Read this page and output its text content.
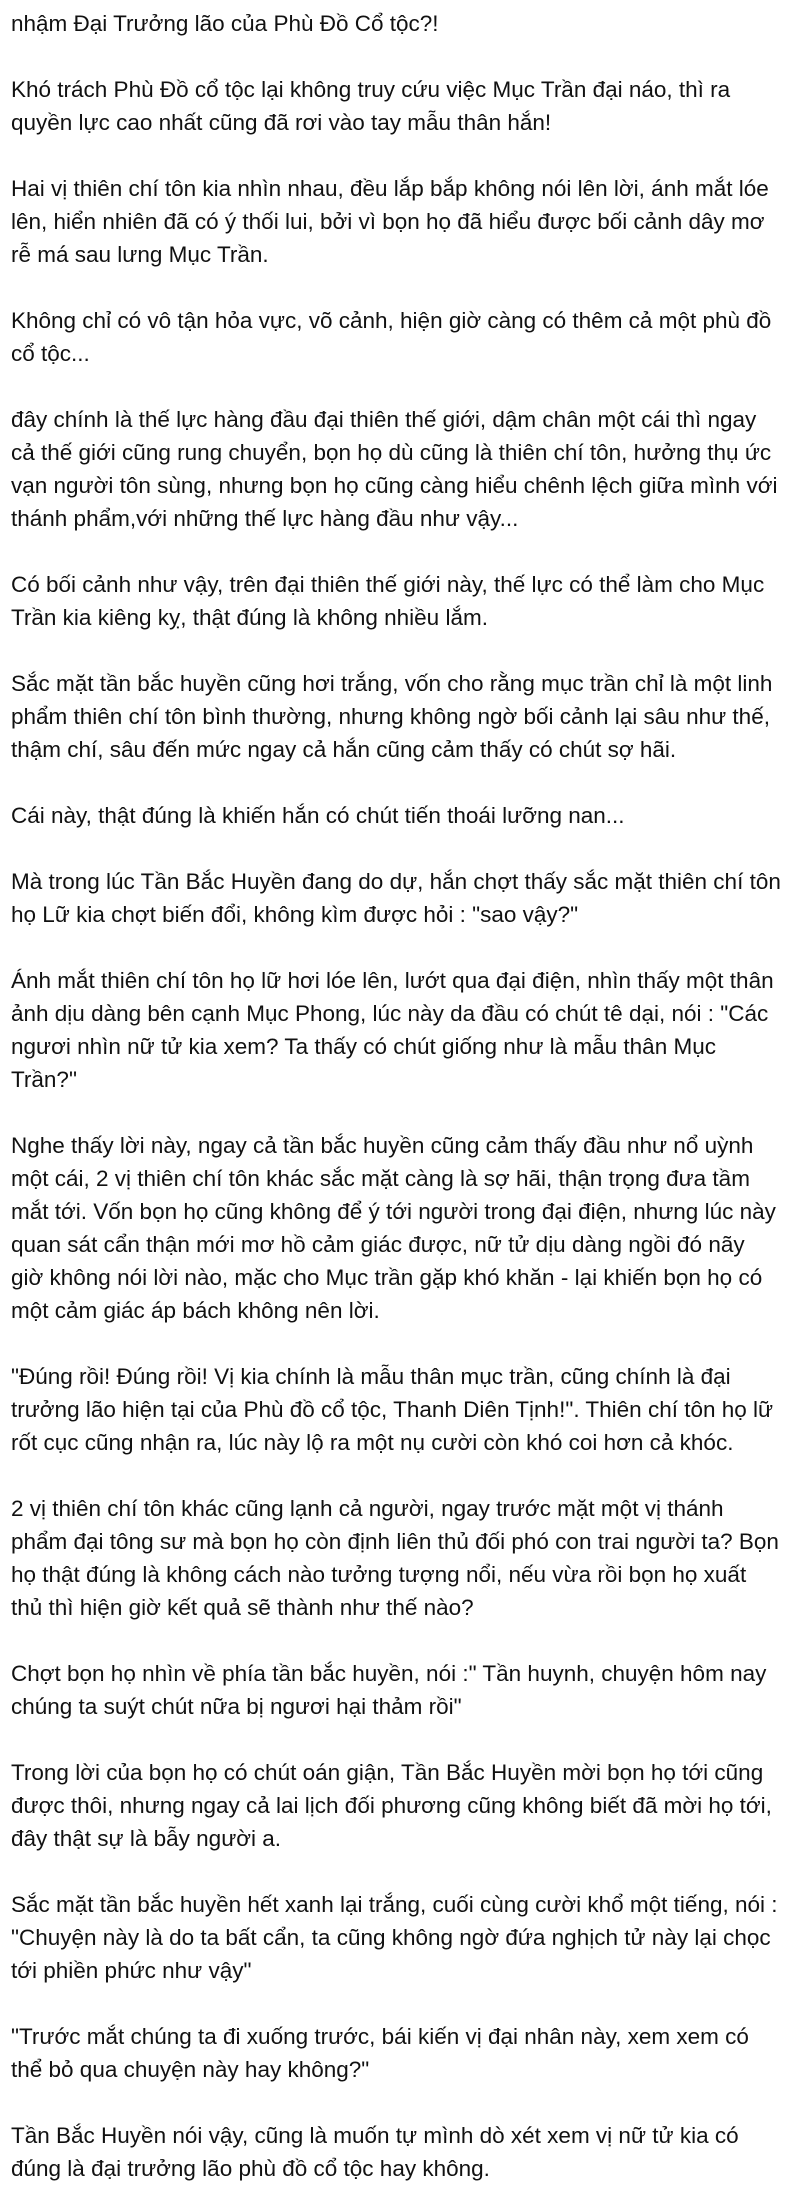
nhậm Đại Trưởng lão của Phù Đồ Cổ tộc?!

Khó trách Phù Đồ cổ tộc lại không truy cứu việc Mục Trần đại náo, thì ra quyền lực cao nhất cũng đã rơi vào tay mẫu thân hắn!

Hai vị thiên chí tôn kia nhìn nhau, đều lắp bắp không nói lên lời, ánh mắt lóe lên, hiển nhiên đã có ý thối lui, bởi vì bọn họ đã hiểu được bối cảnh dây mơ rễ má sau lưng Mục Trần.

Không chỉ có vô tận hỏa vực, võ cảnh, hiện giờ càng có thêm cả một phù đồ cổ tộc...

đây chính là thế lực hàng đầu đại thiên thế giới, dậm chân một cái thì ngay cả thế giới cũng rung chuyển, bọn họ dù cũng là thiên chí tôn, hưởng thụ ức vạn người tôn sùng, nhưng bọn họ cũng càng hiểu chênh lệch giữa mình với thánh phẩm,với những thế lực hàng đầu như vậy...

Có bối cảnh như vậy, trên đại thiên thế giới này, thế lực có thể làm cho Mục Trần kia kiêng kỵ, thật đúng là không nhiều lắm.

Sắc mặt tần bắc huyền cũng hơi trắng, vốn cho rằng mục trần chỉ là một linh phẩm thiên chí tôn bình thường, nhưng không ngờ bối cảnh lại sâu như thế, thậm chí, sâu đến mức ngay cả hắn cũng cảm thấy có chút sợ hãi.

Cái này, thật đúng là khiến hắn có chút tiến thoái lưỡng nan...

Mà trong lúc Tần Bắc Huyền đang do dự, hắn chợt thấy sắc mặt thiên chí tôn họ Lữ kia chợt biến đổi, không kìm được hỏi : "sao vậy?"

Ánh mắt thiên chí tôn họ lữ hơi lóe lên, lướt qua đại điện, nhìn thấy một thân ảnh dịu dàng bên cạnh Mục Phong, lúc này da đầu có chút tê dại, nói : "Các ngươi nhìn nữ tử kia xem? Ta thấy có chút giống như là mẫu thân Mục Trần?"

Nghe thấy lời này, ngay cả tần bắc huyền cũng cảm thấy đầu như nổ uỳnh một cái, 2 vị thiên chí tôn khác sắc mặt càng là sợ hãi, thận trọng đưa tầm mắt tới. Vốn bọn họ cũng không để ý tới người trong đại điện, nhưng lúc này quan sát cẩn thận mới mơ hồ cảm giác được, nữ tử dịu dàng ngồi đó nãy giờ không nói lời nào, mặc cho Mục trần gặp khó khăn - lại khiến bọn họ có một cảm giác áp bách không nên lời.

"Đúng rồi! Đúng rồi! Vị kia chính là mẫu thân mục trần, cũng chính là đại trưởng lão hiện tại của Phù đồ cổ tộc, Thanh Diên Tịnh!". Thiên chí tôn họ lữ rốt cục cũng nhận ra, lúc này lộ ra một nụ cười còn khó coi hơn cả khóc.

2 vị thiên chí tôn khác cũng lạnh cả người, ngay trước mặt một vị thánh phẩm đại tông sư mà bọn họ còn định liên thủ đối phó con trai người ta? Bọn họ thật đúng là không cách nào tưởng tượng nổi, nếu vừa rồi bọn họ xuất thủ thì hiện giờ kết quả sẽ thành như thế nào?

Chợt bọn họ nhìn về phía tần bắc huyền, nói :" Tần huynh, chuyện hôm nay chúng ta suýt chút nữa bị ngươi hại thảm rồi"

Trong lời của bọn họ có chút oán giận, Tần Bắc Huyền mời bọn họ tới cũng được thôi, nhưng ngay cả lai lịch đối phương cũng không biết đã mời họ tới, đây thật sự là bẫy người a.

Sắc mặt tần bắc huyền hết xanh lại trắng, cuối cùng cười khổ một tiếng, nói : "Chuyện này là do ta bất cẩn, ta cũng không ngờ đứa nghịch tử này lại chọc tới phiền phức như vậy"

"Trước mắt chúng ta đi xuống trước, bái kiến vị đại nhân này, xem xem có thể bỏ qua chuyện này hay không?"

Tần Bắc Huyền nói vậy, cũng là muốn tự mình dò xét xem vị nữ tử kia có đúng là đại trưởng lão phù đồ cổ tộc hay không.
